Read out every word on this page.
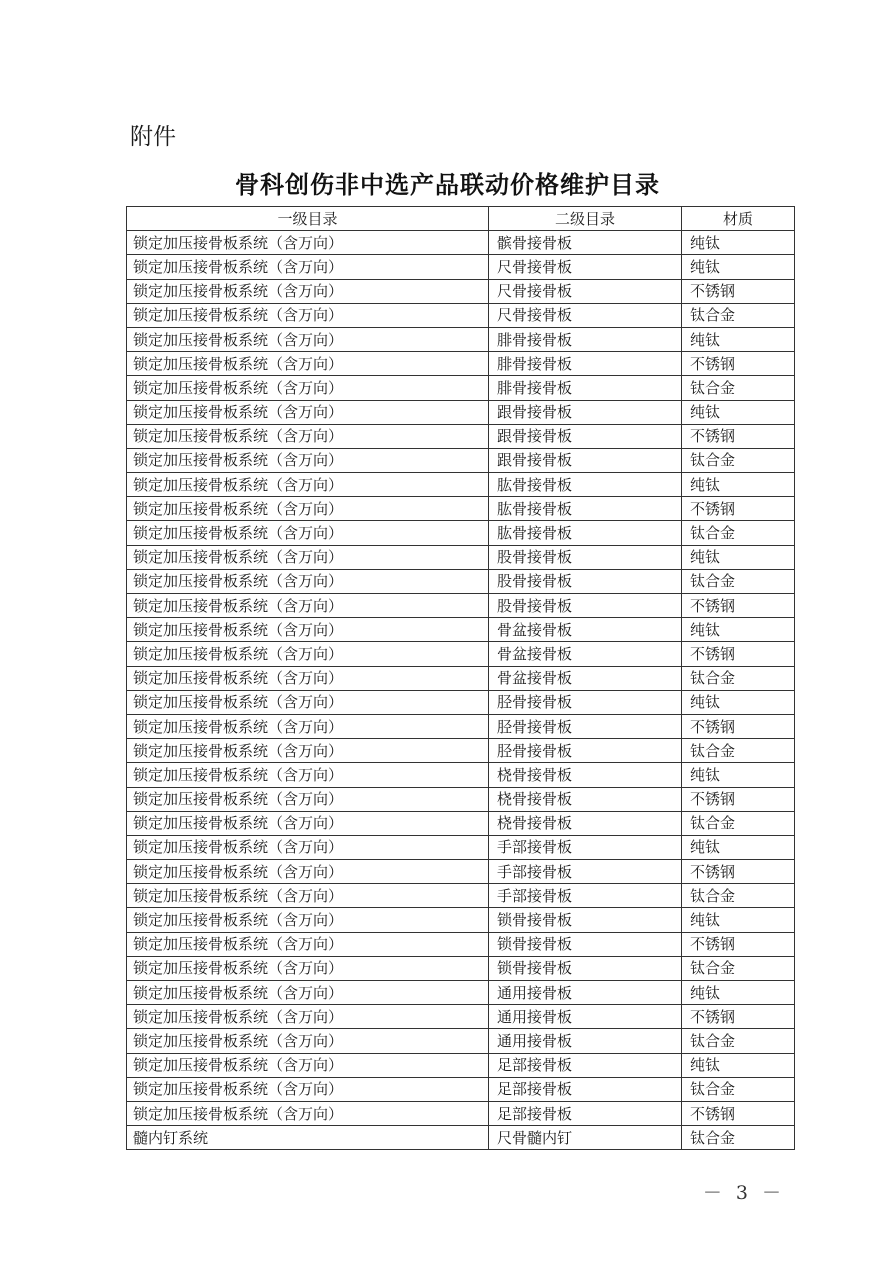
附件
骨科创伤非中选产品联动价格维护目录
一级目录	二级目录	材质
锁定加压接骨板系统（含万向）	髌骨接骨板	纯钛
锁定加压接骨板系统（含万向）	尺骨接骨板	纯钛
锁定加压接骨板系统（含万向）	尺骨接骨板	不锈钢
锁定加压接骨板系统（含万向）	尺骨接骨板	钛合金
锁定加压接骨板系统（含万向）	腓骨接骨板	纯钛
锁定加压接骨板系统（含万向）	腓骨接骨板	不锈钢
锁定加压接骨板系统（含万向）	腓骨接骨板	钛合金
锁定加压接骨板系统（含万向）	跟骨接骨板	纯钛
锁定加压接骨板系统（含万向）	跟骨接骨板	不锈钢
锁定加压接骨板系统（含万向）	跟骨接骨板	钛合金
锁定加压接骨板系统（含万向）	肱骨接骨板	纯钛
锁定加压接骨板系统（含万向）	肱骨接骨板	不锈钢
锁定加压接骨板系统（含万向）	肱骨接骨板	钛合金
锁定加压接骨板系统（含万向）	股骨接骨板	纯钛
锁定加压接骨板系统（含万向）	股骨接骨板	钛合金
锁定加压接骨板系统（含万向）	股骨接骨板	不锈钢
锁定加压接骨板系统（含万向）	骨盆接骨板	纯钛
锁定加压接骨板系统（含万向）	骨盆接骨板	不锈钢
锁定加压接骨板系统（含万向）	骨盆接骨板	钛合金
锁定加压接骨板系统（含万向）	胫骨接骨板	纯钛
锁定加压接骨板系统（含万向）	胫骨接骨板	不锈钢
锁定加压接骨板系统（含万向）	胫骨接骨板	钛合金
锁定加压接骨板系统（含万向）	桡骨接骨板	纯钛
锁定加压接骨板系统（含万向）	桡骨接骨板	不锈钢
锁定加压接骨板系统（含万向）	桡骨接骨板	钛合金
锁定加压接骨板系统（含万向）	手部接骨板	纯钛
锁定加压接骨板系统（含万向）	手部接骨板	不锈钢
锁定加压接骨板系统（含万向）	手部接骨板	钛合金
锁定加压接骨板系统（含万向）	锁骨接骨板	纯钛
锁定加压接骨板系统（含万向）	锁骨接骨板	不锈钢
锁定加压接骨板系统（含万向）	锁骨接骨板	钛合金
锁定加压接骨板系统（含万向）	通用接骨板	纯钛
锁定加压接骨板系统（含万向）	通用接骨板	不锈钢
锁定加压接骨板系统（含万向）	通用接骨板	钛合金
锁定加压接骨板系统（含万向）	足部接骨板	纯钛
锁定加压接骨板系统（含万向）	足部接骨板	钛合金
锁定加压接骨板系统（含万向）	足部接骨板	不锈钢
髓内钉系统	尺骨髓内钉	钛合金
－ 3 －
